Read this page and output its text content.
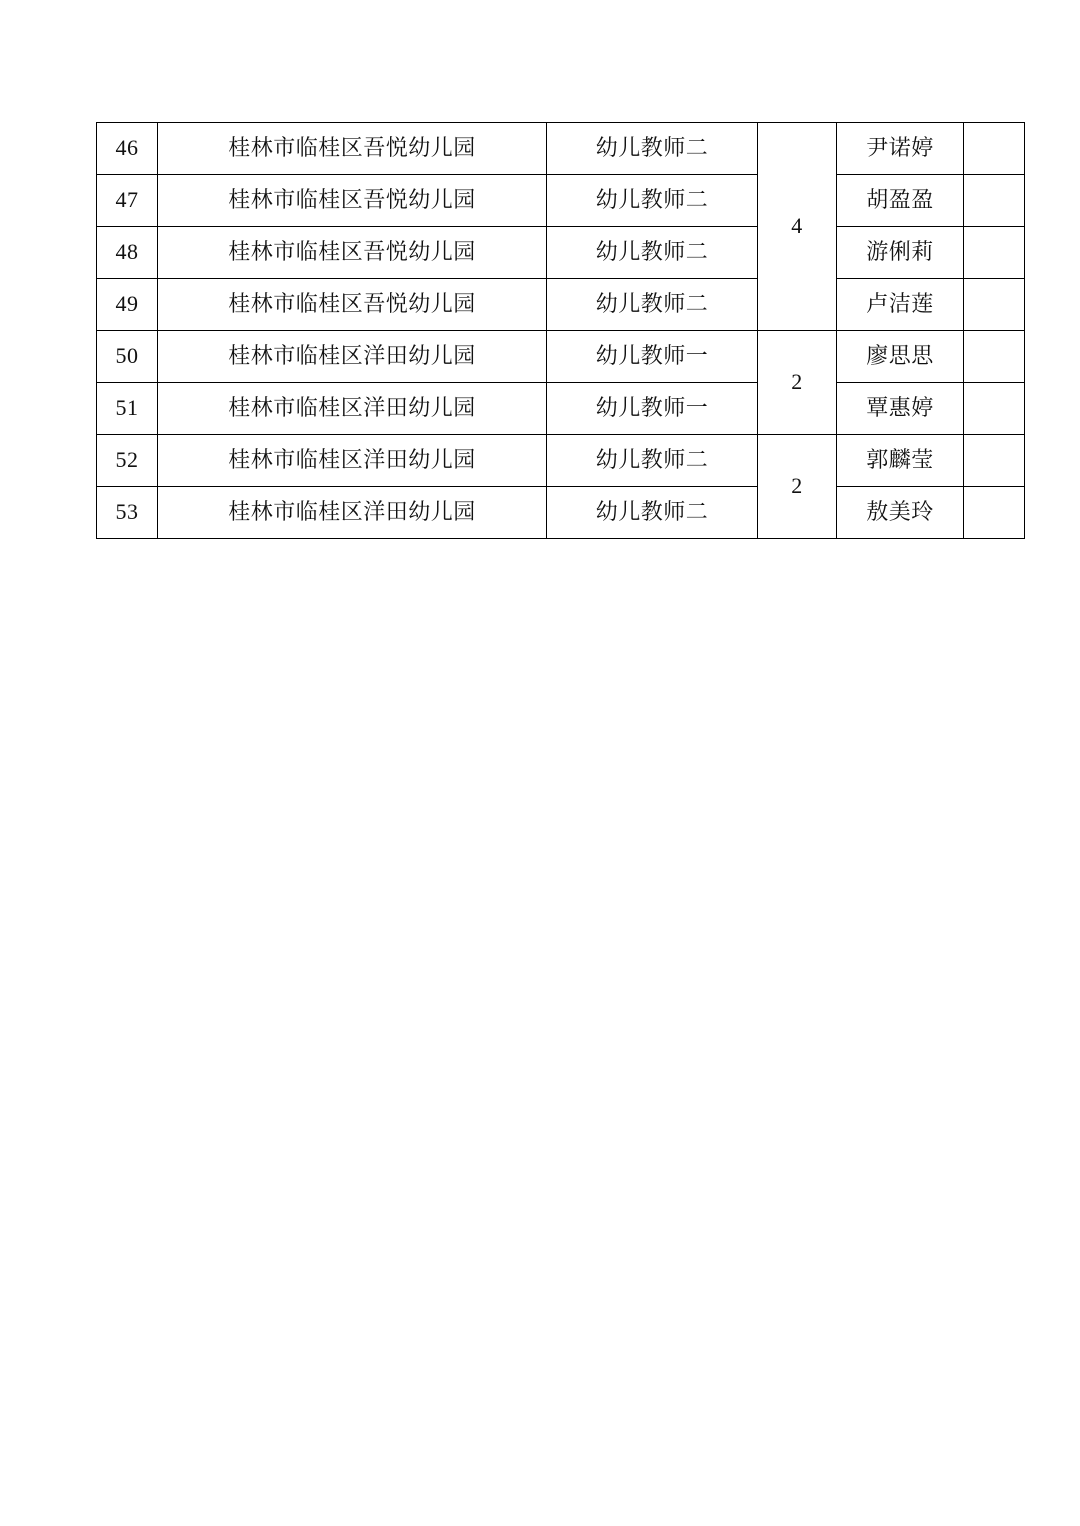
46	桂林市临桂区吾悦幼儿园	幼儿教师二	4	尹诺婷	
47	桂林市临桂区吾悦幼儿园	幼儿教师二		胡盈盈	
48	桂林市临桂区吾悦幼儿园	幼儿教师二		游俐莉	
49	桂林市临桂区吾悦幼儿园	幼儿教师二		卢洁莲	
50	桂林市临桂区洋田幼儿园	幼儿教师一	2	廖思思	
51	桂林市临桂区洋田幼儿园	幼儿教师一		覃惠婷	
52	桂林市临桂区洋田幼儿园	幼儿教师二	2	郭麟莹	
53	桂林市临桂区洋田幼儿园	幼儿教师二		敖美玲	
